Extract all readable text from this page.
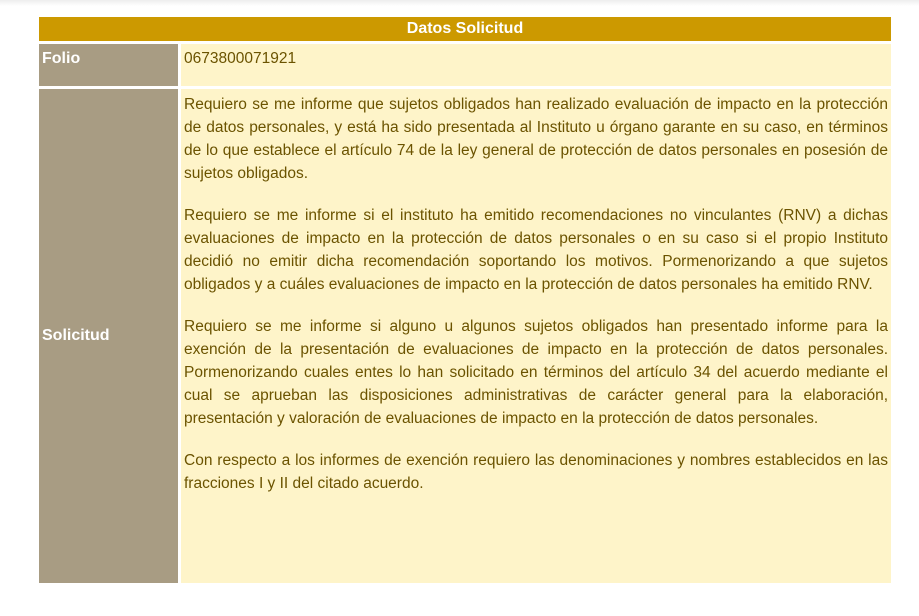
Datos Solicitud
Folio	0673800071921
Solicitud

Requiero se me informe que sujetos obligados han realizado evaluación de impacto en la protección de datos personales, y está ha sido presentada al Instituto u órgano garante en su caso, en términos de lo que establece el artículo 74 de la ley general de protección de datos personales en posesión de sujetos obligados.

Requiero se me informe si el instituto ha emitido recomendaciones no vinculantes (RNV) a dichas evaluaciones de impacto en la protección de datos personales o en su caso si el propio Instituto decidió no emitir dicha recomendación soportando los motivos. Pormenorizando a que sujetos obligados y a cuáles evaluaciones de impacto en la protección de datos personales ha emitido RNV.

Requiero se me informe si alguno u algunos sujetos obligados han presentado informe para la exención de la presentación de evaluaciones de impacto en la protección de datos personales. Pormenorizando cuales entes lo han solicitado en términos del artículo 34 del acuerdo mediante el cual se aprueban las disposiciones administrativas de carácter general para la elaboración, presentación y valoración de evaluaciones de impacto en la protección de datos personales.

Con respecto a los informes de exención requiero las denominaciones y nombres establecidos en las fracciones I y II del citado acuerdo.
